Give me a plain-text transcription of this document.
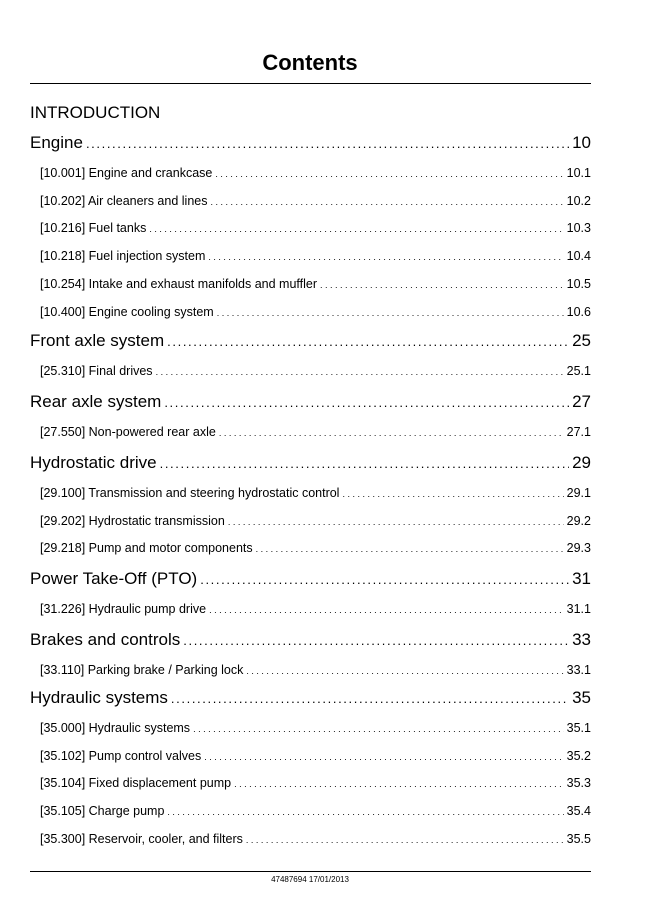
Contents
INTRODUCTION
Engine . . .	10
[10.001] Engine and crankcase . . .	10.1
[10.202] Air cleaners and lines . . .	10.2
[10.216] Fuel tanks . . .	10.3
[10.218] Fuel injection system . . .	10.4
[10.254] Intake and exhaust manifolds and muffler . . .	10.5
[10.400] Engine cooling system . . .	10.6
Front axle system . . .	25
[25.310] Final drives . . .	25.1
Rear axle system . . .	27
[27.550] Non-powered rear axle . . .	27.1
Hydrostatic drive . . .	29
[29.100] Transmission and steering hydrostatic control . . .	29.1
[29.202] Hydrostatic transmission . . .	29.2
[29.218] Pump and motor components . . .	29.3
Power Take-Off (PTO) . . .	31
[31.226] Hydraulic pump drive . . .	31.1
Brakes and controls . . .	33
[33.110] Parking brake / Parking lock . . .	33.1
Hydraulic systems . . .	35
[35.000] Hydraulic systems . . .	35.1
[35.102] Pump control valves . . .	35.2
[35.104] Fixed displacement pump . . .	35.3
[35.105] Charge pump . . .	35.4
[35.300] Reservoir, cooler, and filters . . .	35.5
47487694 17/01/2013
